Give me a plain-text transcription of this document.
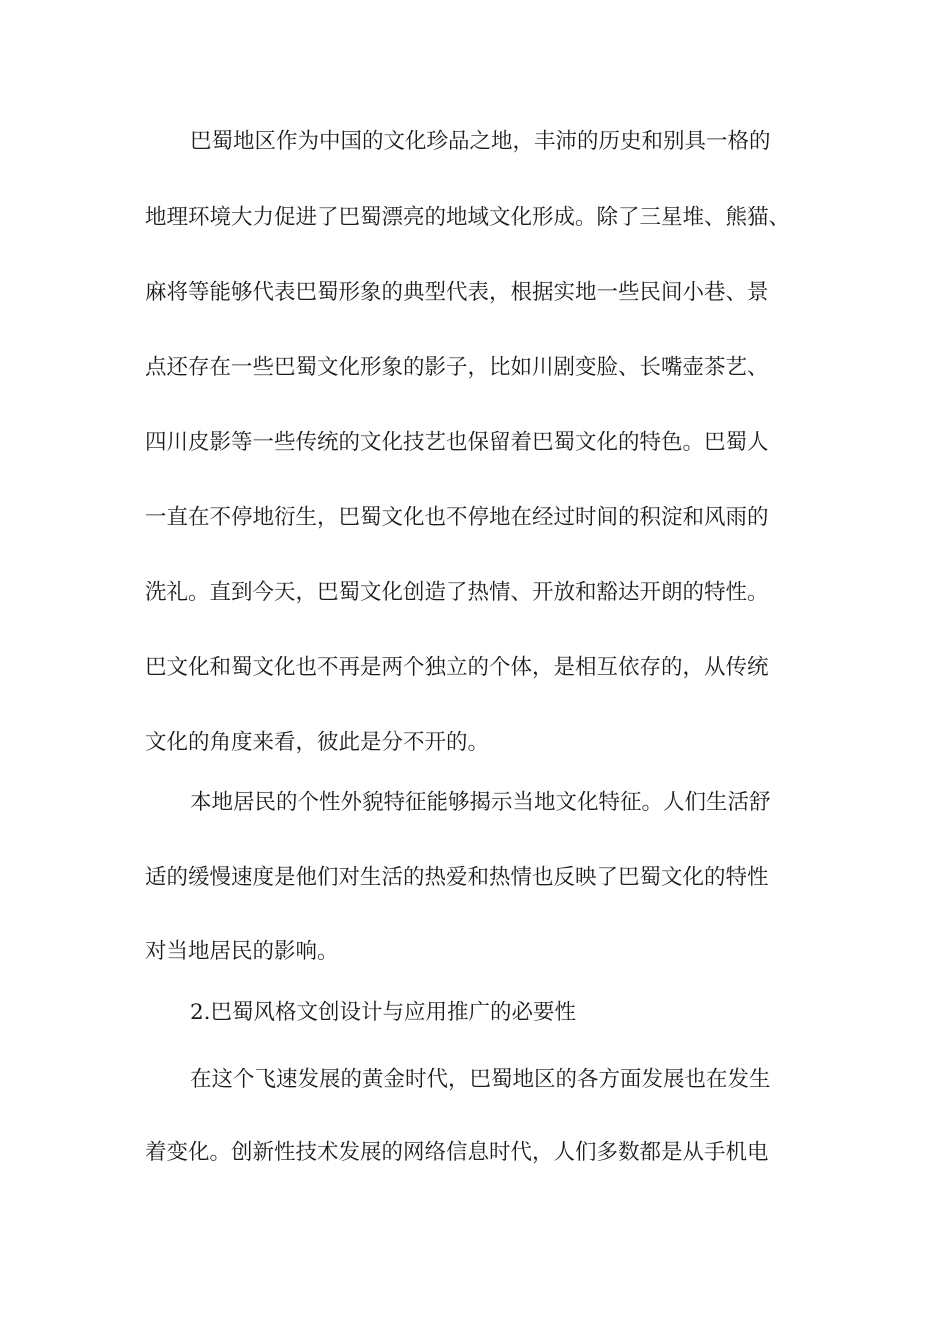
巴蜀地区作为中国的文化珍品之地，丰沛的历史和别具一格的
地理环境大力促进了巴蜀漂亮的地域文化形成。除了三星堆、熊猫、
麻将等能够代表巴蜀形象的典型代表，根据实地一些民间小巷、景
点还存在一些巴蜀文化形象的影子，比如川剧变脸、长嘴壶茶艺、
四川皮影等一些传统的文化技艺也保留着巴蜀文化的特色。巴蜀人
一直在不停地衍生，巴蜀文化也不停地在经过时间的积淀和风雨的
洗礼。直到今天，巴蜀文化创造了热情、开放和豁达开朗的特性。
巴文化和蜀文化也不再是两个独立的个体，是相互依存的，从传统
文化的角度来看，彼此是分不开的。
本地居民的个性外貌特征能够揭示当地文化特征。人们生活舒
适的缓慢速度是他们对生活的热爱和热情也反映了巴蜀文化的特性
对当地居民的影响。
2.巴蜀风格文创设计与应用推广的必要性
在这个飞速发展的黄金时代，巴蜀地区的各方面发展也在发生
着变化。创新性技术发展的网络信息时代，人们多数都是从手机电
